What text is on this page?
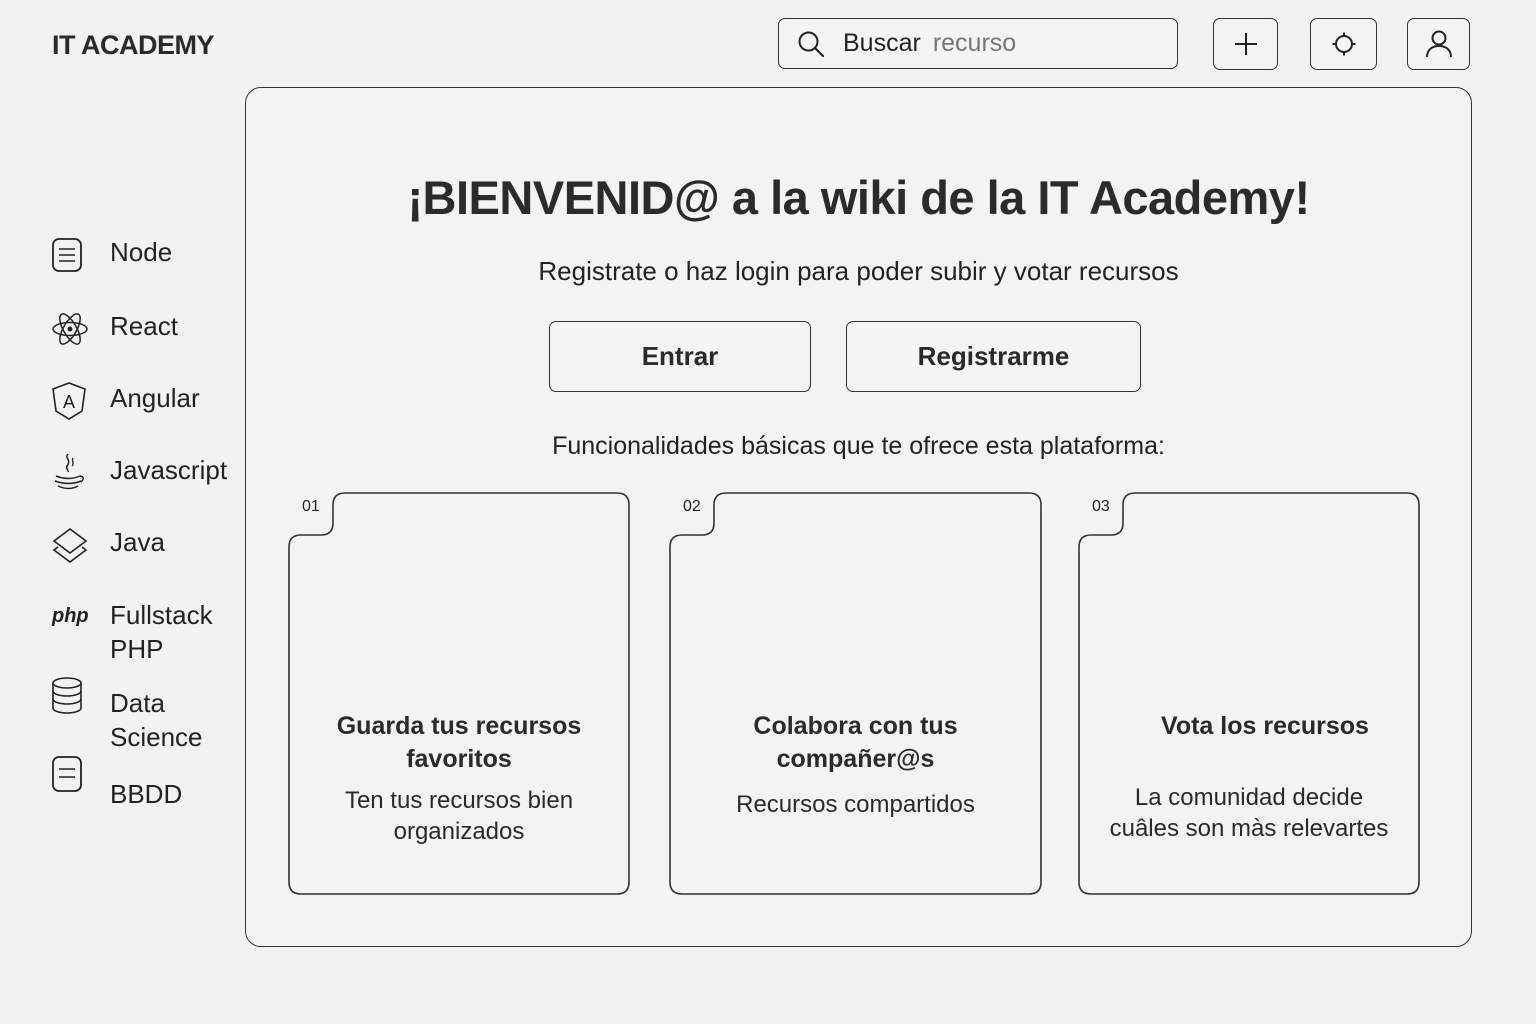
IT ACADEMY	Buscar
recurso
Node
React
A Angular
Javascript
Java
php Fullstack PHP
Data Science
BBDD
¡BIENVENID@ a la wiki de la IT Academy!
Registrate o haz login para poder subir y votar recursos
Entrar	Registrarme
Funcionalidades básicas que te ofrece esta plataforma:
01
Guarda tus recursos favoritos
Ten tus recursos bien organizados
02
Colabora con tus compañer@s
Recursos compartidos
03
Vota los recursos
La comunidad decide cuâles son màs relevartes
